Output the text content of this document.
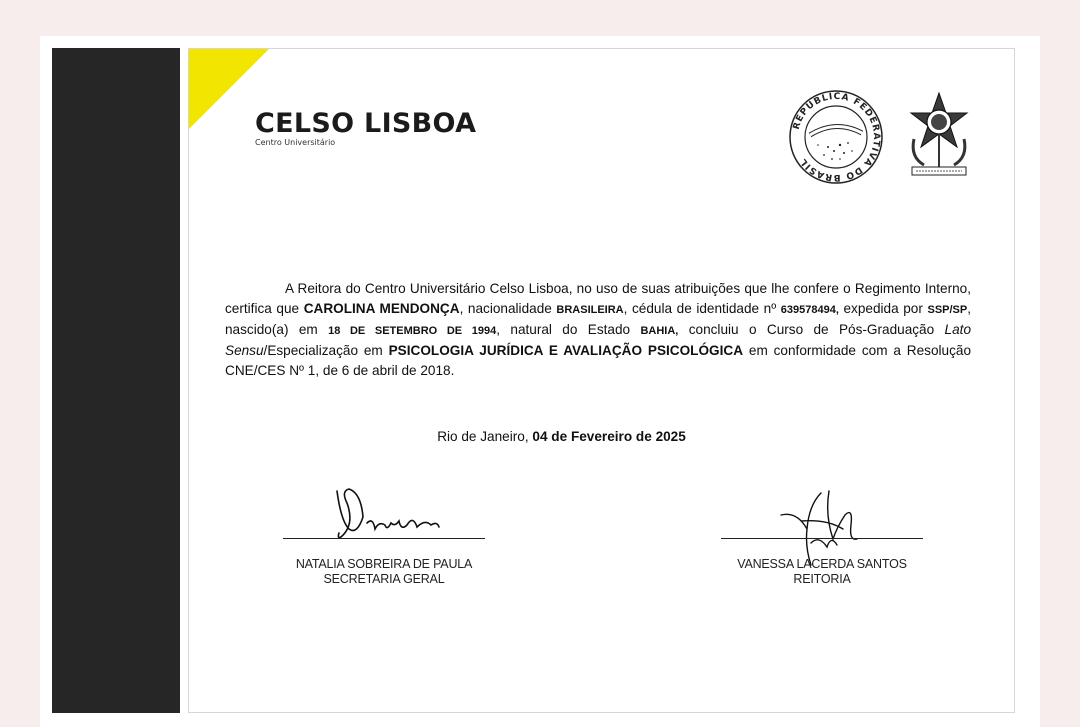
CELSO LISBOA
Centro Universitário
REPÚBLICA FEDERATIVA DO BRASIL
A Reitora do Centro Universitário Celso Lisboa, no uso de suas atribuições que lhe confere o Regimento Interno, certifica que CAROLINA MENDONÇA, nacionalidade BRASILEIRA, cédula de identidade nº 639578494, expedida por SSP/SP, nascido(a) em 18 DE SETEMBRO DE 1994, natural do Estado BAHIA, concluiu o Curso de Pós-Graduação Lato Sensu/Especialização em PSICOLOGIA JURÍDICA E AVALIAÇÃO PSICOLÓGICA em conformidade com a Resolução CNE/CES Nº 1, de 6 de abril de 2018.
Rio de Janeiro, 04 de Fevereiro de 2025
NATALIA SOBREIRA DE PAULA
SECRETARIA GERAL
VANESSA LACERDA SANTOS
REITORIA
